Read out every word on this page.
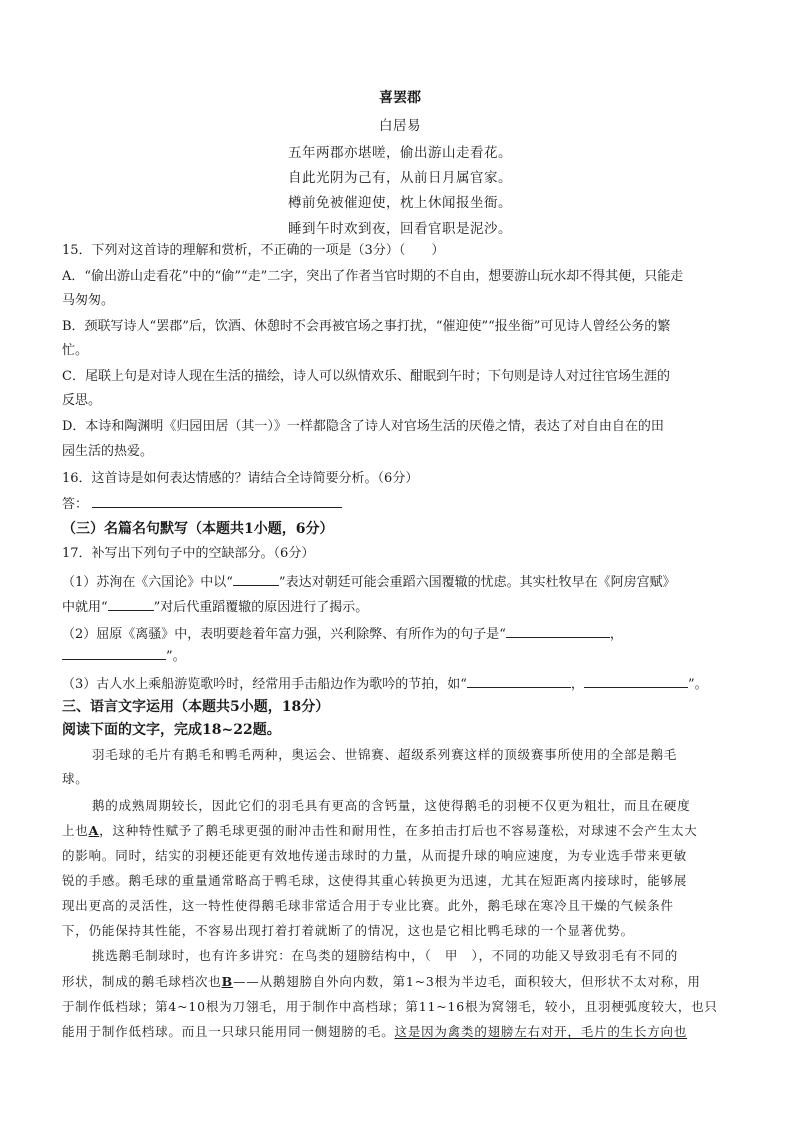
喜罢郡
白居易
五年两郡亦堪嗟，偷出游山走看花。
自此光阴为己有，从前日月属官家。
樽前免被催迎使，枕上休闻报坐衙。
睡到午时欢到夜，回看官职是泥沙。
15．下列对这首诗的理解和赏析，不正确的一项是（3分）（　　）
A．“偷出游山走看花”中的“偷”“走”二字，突出了作者当官时期的不自由，想要游山玩水却不得其便，只能走
马匆匆。
B．颈联写诗人“罢郡”后，饮酒、休憩时不会再被官场之事打扰，“催迎使”“报坐衙”可见诗人曾经公务的繁
忙。
C．尾联上句是对诗人现在生活的描绘，诗人可以纵情欢乐、酣眠到午时；下句则是诗人对过往官场生涯的
反思。
D．本诗和陶渊明《归园田居（其一）》一样都隐含了诗人对官场生活的厌倦之情，表达了对自由自在的田
园生活的热爱。
16．这首诗是如何表达情感的？请结合全诗简要分析。（6分）
答：
（三）名篇名句默写（本题共1小题，6分）
17．补写出下列句子中的空缺部分。（6分）
（1）苏洵在《六国论》中以“	”表达对朝廷可能会重蹈六国覆辙的忧虑。其实杜牧早在《阿房宫赋》
中就用“	”对后代重蹈覆辙的原因进行了揭示。
（2）屈原《离骚》中，表明要趁着年富力强，兴利除弊、有所作为的句子是“	，
”。
（3）古人水上乘船游览歌吟时，经常用手击船边作为歌吟的节拍，如“	，	”。
三、语言文字运用（本题共5小题，18分）
阅读下面的文字，完成18~22题。
羽毛球的毛片有鹅毛和鸭毛两种，奥运会、世锦赛、超级系列赛这样的顶级赛事所使用的全部是鹅毛
球。
鹅的成熟周期较长，因此它们的羽毛具有更高的含钙量，这使得鹅毛的羽梗不仅更为粗壮，而且在硬度
上也A，这种特性赋予了鹅毛球更强的耐冲击性和耐用性，在多拍击打后也不容易蓬松，对球速不会产生太大
的影响。同时，结实的羽梗还能更有效地传递击球时的力量，从而提升球的响应速度，为专业选手带来更敏
锐的手感。鹅毛球的重量通常略高于鸭毛球，这使得其重心转换更为迅速，尤其在短距离内接球时，能够展
现出更高的灵活性，这一特性使得鹅毛球非常适合用于专业比赛。此外，鹅毛球在寒冷且干燥的气候条件
下，仍能保持其性能，不容易出现打着打着就断了的情况，这也是它相比鸭毛球的一个显著优势。
挑选鹅毛制球时，也有许多讲究：在鸟类的翅膀结构中，（　甲　），不同的功能又导致羽毛有不同的
形状，制成的鹅毛球档次也B——从鹅翅膀自外向内数，第1~3根为半边毛，面积较大，但形状不太对称，用
于制作低档球；第4~10根为刀翎毛，用于制作中高档球；第11~16根为窝翎毛，较小，且羽梗弧度较大，也只
能用于制作低档球。而且一只球只能用同一侧翅膀的毛。这是因为禽类的翅膀左右对开，毛片的生长方向也
